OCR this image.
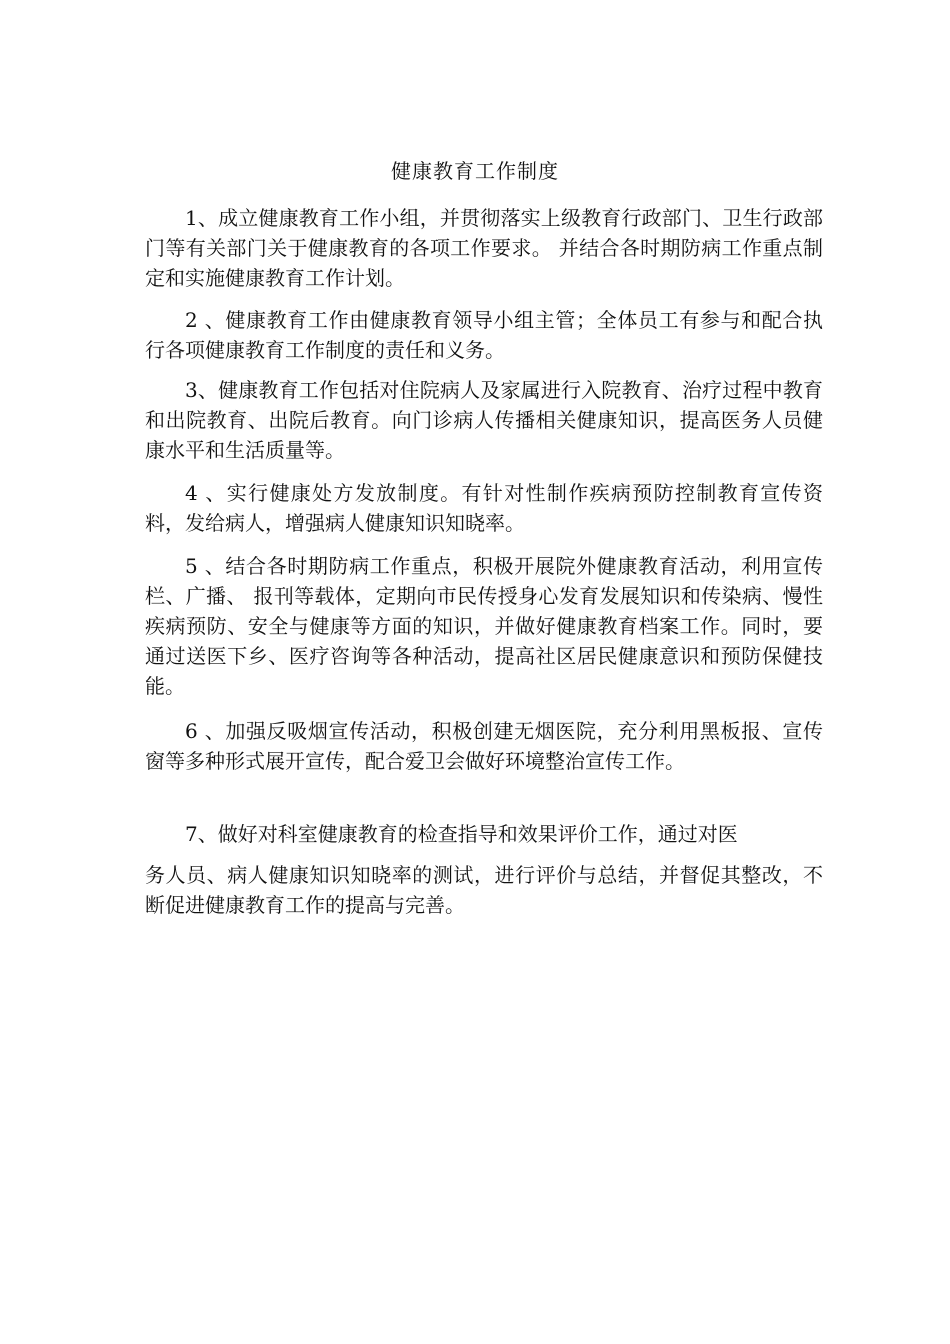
健康教育工作制度

1、成立健康教育工作小组，并贯彻落实上级教育行政部门、卫生行政部门等有关部门关于健康教育的各项工作要求。 并结合各时期防病工作重点制定和实施健康教育工作计划。

2 、健康教育工作由健康教育领导小组主管；全体员工有参与和配合执行各项健康教育工作制度的责任和义务。

3、健康教育工作包括对住院病人及家属进行入院教育、治疗过程中教育和出院教育、出院后教育。向门诊病人传播相关健康知识，提高医务人员健康水平和生活质量等。

4 、实行健康处方发放制度。有针对性制作疾病预防控制教育宣传资料，发给病人，增强病人健康知识知晓率。

5 、结合各时期防病工作重点，积极开展院外健康教育活动，利用宣传栏、广播、 报刊等载体，定期向市民传授身心发育发展知识和传染病、慢性疾病预防、安全与健康等方面的知识，并做好健康教育档案工作。同时，要通过送医下乡、医疗咨询等各种活动，提高社区居民健康意识和预防保健技能。

6 、加强反吸烟宣传活动，积极创建无烟医院，充分利用黑板报、宣传窗等多种形式展开宣传，配合爱卫会做好环境整治宣传工作。

7、做好对科室健康教育的检查指导和效果评价工作，通过对医

务人员、病人健康知识知晓率的测试，进行评价与总结，并督促其整改，不断促进健康教育工作的提高与完善。
